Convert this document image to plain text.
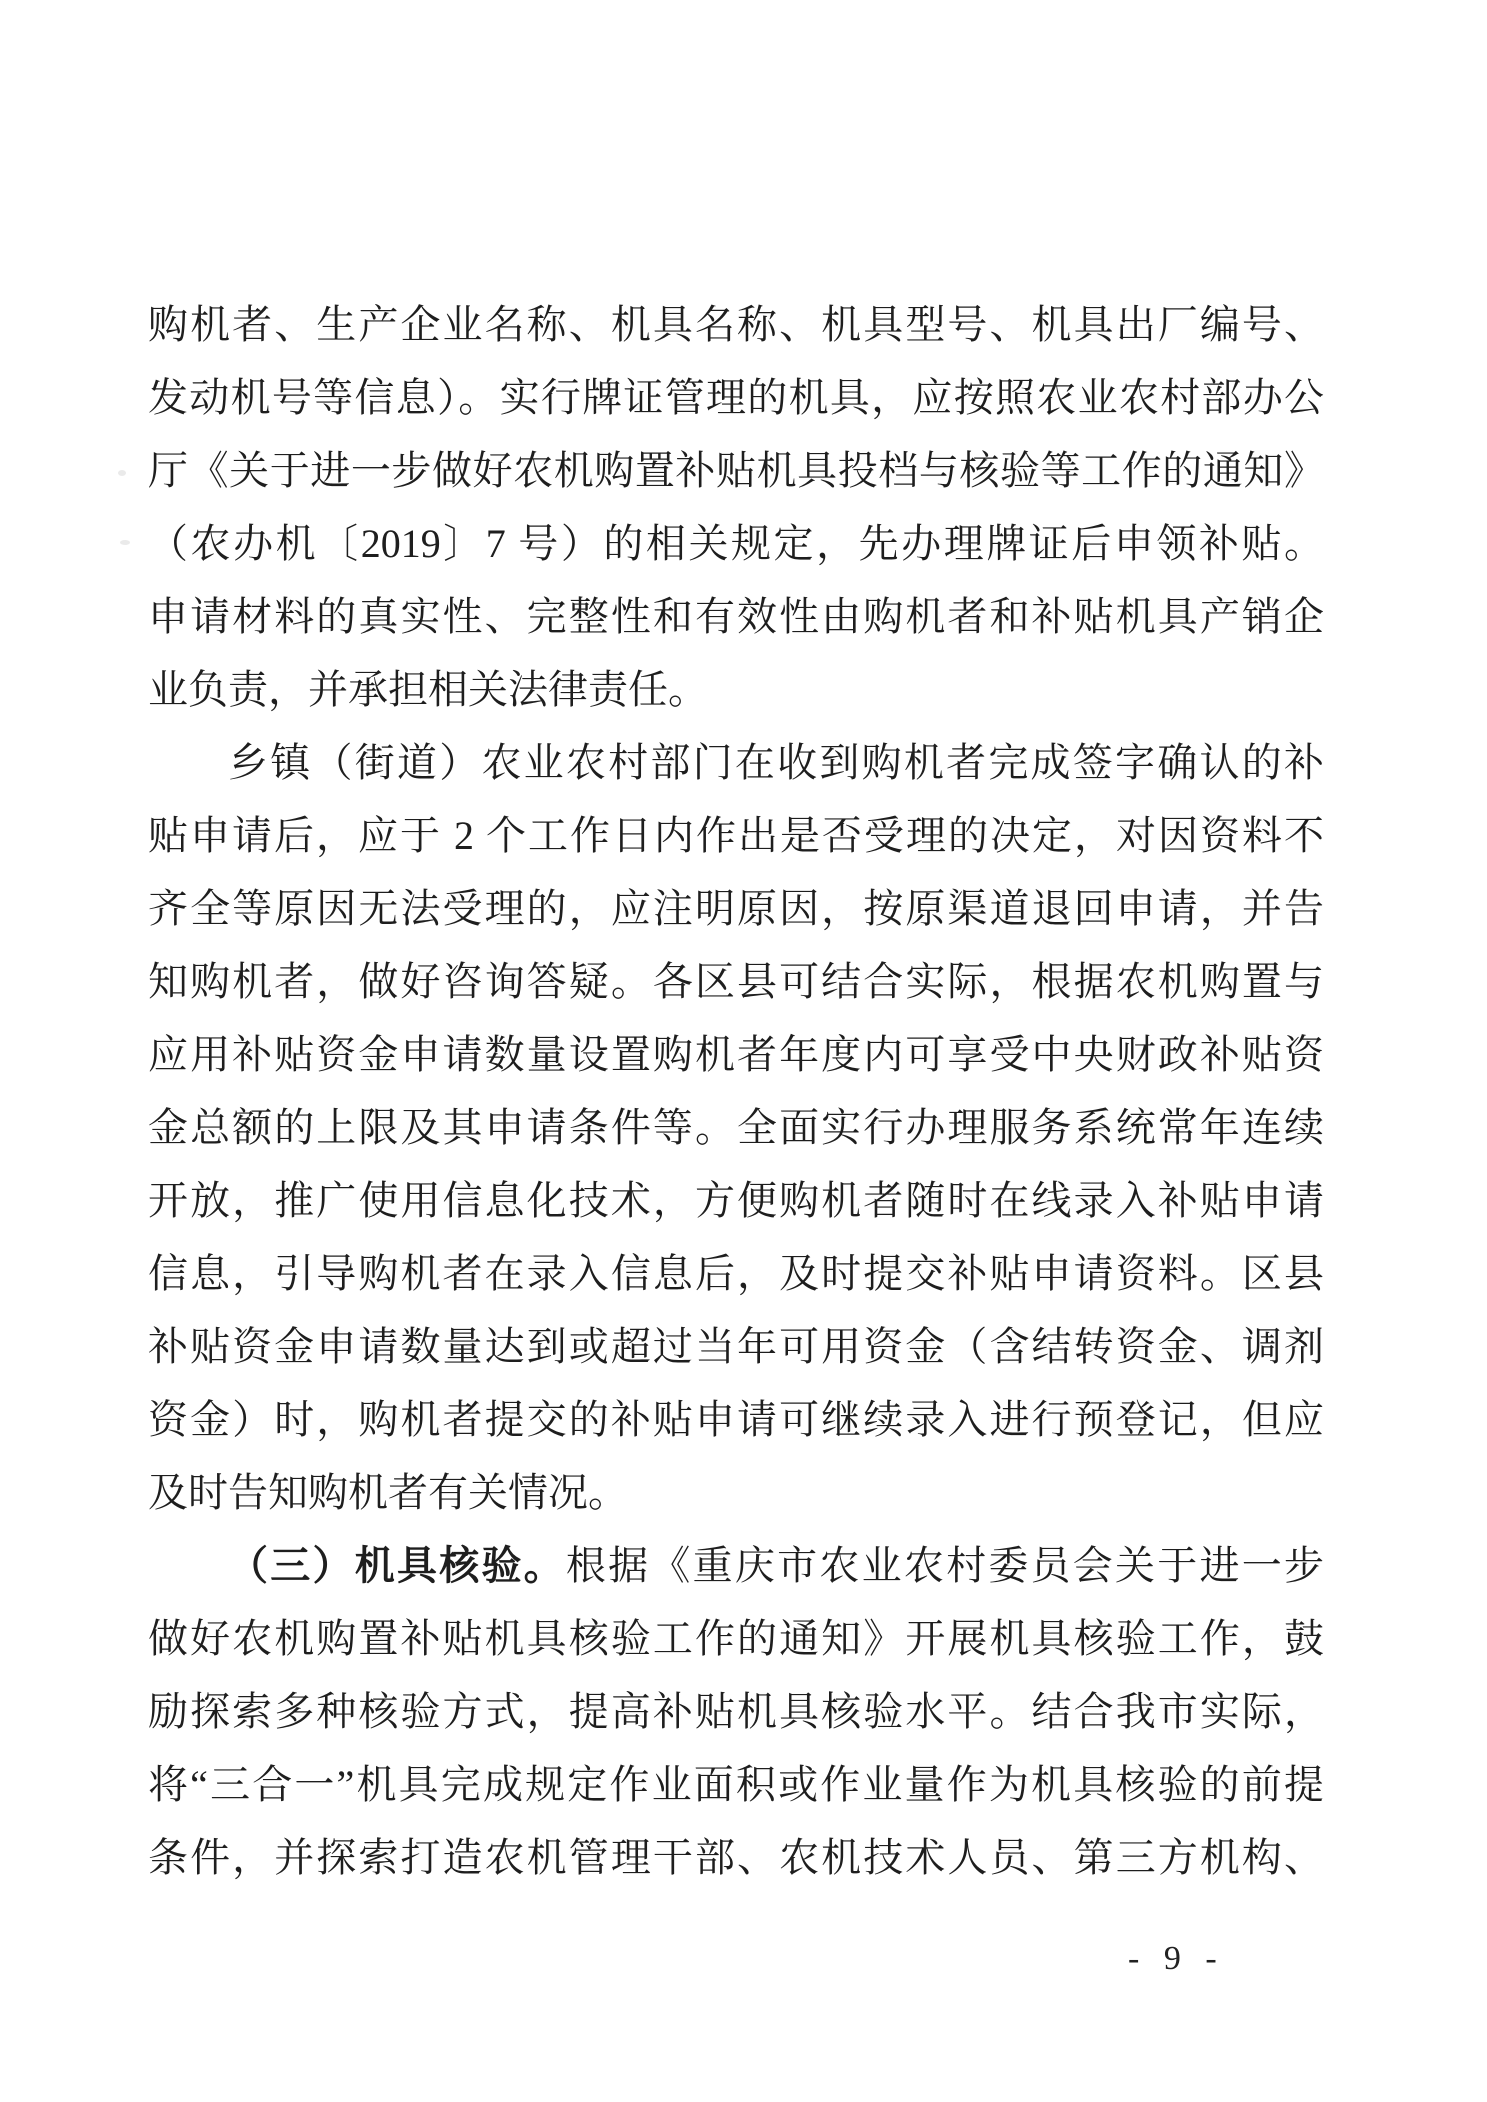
购机者、生产企业名称、机具名称、机具型号、机具出厂编号、
发动机号等信息）。实行牌证管理的机具，应按照农业农村部办公
厅《关于进一步做好农机购置补贴机具投档与核验等工作的通知》
（农办机〔2019〕7 号）的相关规定，先办理牌证后申领补贴。
申请材料的真实性、完整性和有效性由购机者和补贴机具产销企
业负责，并承担相关法律责任。
乡镇（街道）农业农村部门在收到购机者完成签字确认的补
贴申请后，应于 2 个工作日内作出是否受理的决定，对因资料不
齐全等原因无法受理的，应注明原因，按原渠道退回申请，并告
知购机者，做好咨询答疑。各区县可结合实际，根据农机购置与
应用补贴资金申请数量设置购机者年度内可享受中央财政补贴资
金总额的上限及其申请条件等。全面实行办理服务系统常年连续
开放，推广使用信息化技术，方便购机者随时在线录入补贴申请
信息，引导购机者在录入信息后，及时提交补贴申请资料。区县
补贴资金申请数量达到或超过当年可用资金（含结转资金、调剂
资金）时，购机者提交的补贴申请可继续录入进行预登记，但应
及时告知购机者有关情况。
（三）机具核验。根据《重庆市农业农村委员会关于进一步
做好农机购置补贴机具核验工作的通知》开展机具核验工作，鼓
励探索多种核验方式，提高补贴机具核验水平。结合我市实际，
将“三合一”机具完成规定作业面积或作业量作为机具核验的前提
条件，并探索打造农机管理干部、农机技术人员、第三方机构、
- 9 -
